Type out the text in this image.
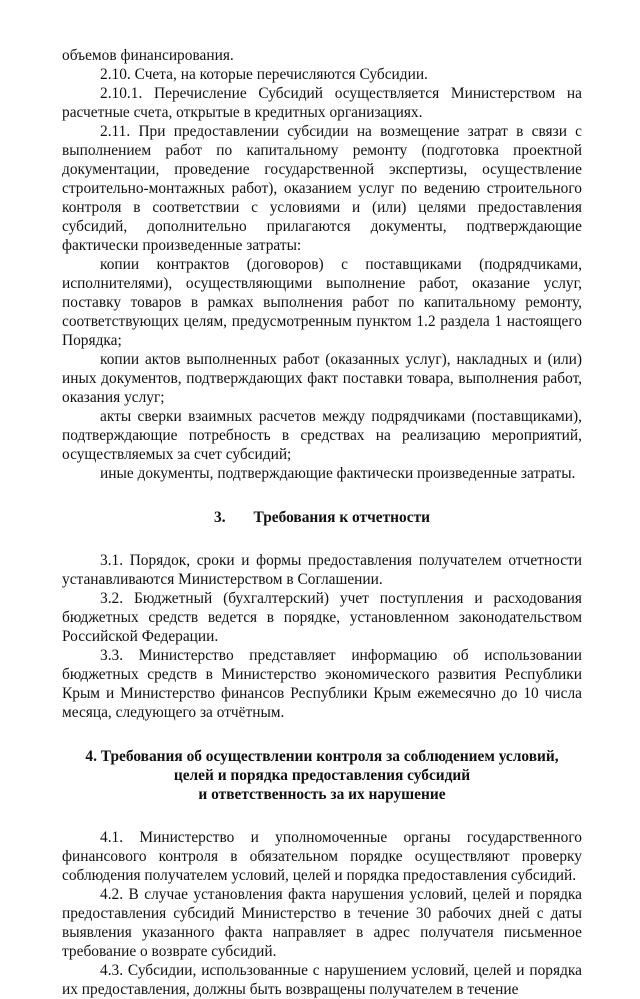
объемов финансирования.

2.10. Счета, на которые перечисляются Субсидии.

2.10.1. Перечисление Субсидий осуществляется Министерством на расчетные счета, открытые в кредитных организациях.

2.11. При предоставлении субсидии на возмещение затрат в связи с выполнением работ по капитальному ремонту (подготовка проектной документации, проведение государственной экспертизы, осуществление строительно-монтажных работ), оказанием услуг по ведению строительного контроля в соответствии с условиями и (или) целями предоставления субсидий, дополнительно прилагаются документы, подтверждающие фактически произведенные затраты:

копии контрактов (договоров) с поставщиками (подрядчиками, исполнителями), осуществляющими выполнение работ, оказание услуг, поставку товаров в рамках выполнения работ по капитальному ремонту, соответствующих целям, предусмотренным пунктом 1.2 раздела 1 настоящего Порядка;

копии актов выполненных работ (оказанных услуг), накладных и (или) иных документов, подтверждающих факт поставки товара, выполнения работ, оказания услуг;

акты сверки взаимных расчетов между подрядчиками (поставщиками), подтверждающие потребность в средствах на реализацию мероприятий, осуществляемых за счет субсидий;

иные документы, подтверждающие фактически произведенные затраты.

3. Требования к отчетности

3.1. Порядок, сроки и формы предоставления получателем отчетности устанавливаются Министерством в Соглашении.

3.2. Бюджетный (бухгалтерский) учет поступления и расходования бюджетных средств ведется в порядке, установленном законодательством Российской Федерации.

3.3. Министерство представляет информацию об использовании бюджетных средств в Министерство экономического развития Республики Крым и Министерство финансов Республики Крым ежемесячно до 10 числа месяца, следующего за отчётным.

4. Требования об осуществлении контроля за соблюдением условий,
целей и порядка предоставления субсидий
и ответственность за их нарушение

4.1. Министерство и уполномоченные органы государственного финансового контроля в обязательном порядке осуществляют проверку соблюдения получателем условий, целей и порядка предоставления субсидий.

4.2. В случае установления факта нарушения условий, целей и порядка предоставления субсидий Министерство в течение 30 рабочих дней с даты выявления указанного факта направляет в адрес получателя письменное требование о возврате субсидий.

4.3. Субсидии, использованные с нарушением условий, целей и порядка их предоставления, должны быть возвращены получателем в течение
